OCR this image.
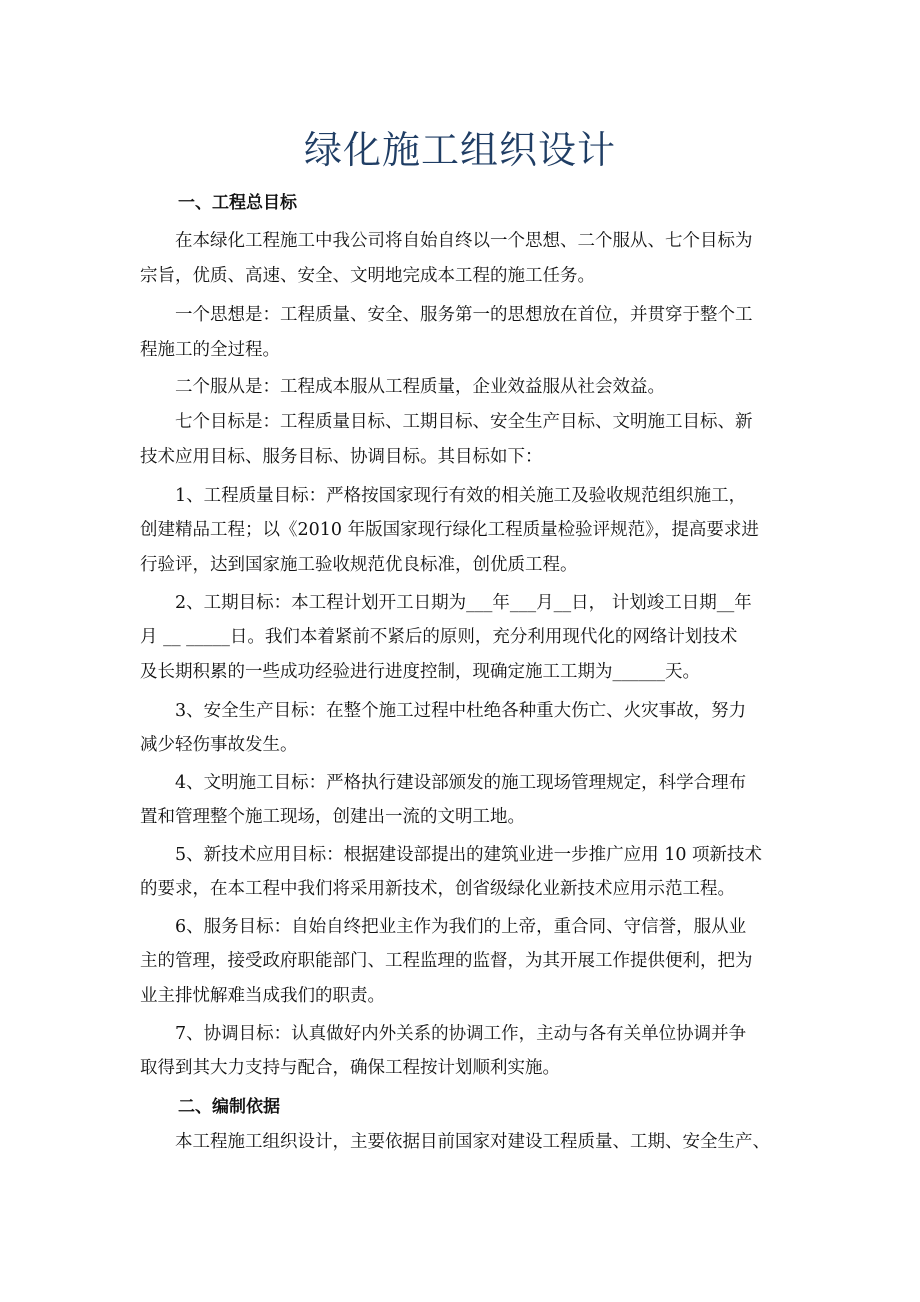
绿化施工组织设计
一、工程总目标
在本绿化工程施工中我公司将自始自终以一个思想、二个服从、七个目标为
宗旨，优质、高速、安全、文明地完成本工程的施工任务。
一个思想是：工程质量、安全、服务第一的思想放在首位，并贯穿于整个工
程施工的全过程。
二个服从是：工程成本服从工程质量，企业效益服从社会效益。
七个目标是：工程质量目标、工期目标、安全生产目标、文明施工目标、新
技术应用目标、服务目标、协调目标。其目标如下：
1、工程质量目标：严格按国家现行有效的相关施工及验收规范组织施工，
创建精品工程；以《2010 年版国家现行绿化工程质量检验评规范》，提高要求进
行验评，达到国家施工验收规范优良标准，创优质工程。
2、工期目标：本工程计划开工日期为___年___月__日， 计划竣工日期__年
月 __ _____日。我们本着紧前不紧后的原则，充分利用现代化的网络计划技术
及长期积累的一些成功经验进行进度控制，现确定施工工期为______天。
3、安全生产目标：在整个施工过程中杜绝各种重大伤亡、火灾事故，努力
减少轻伤事故发生。
4、文明施工目标：严格执行建设部颁发的施工现场管理规定，科学合理布
置和管理整个施工现场，创建出一流的文明工地。
5、新技术应用目标：根据建设部提出的建筑业进一步推广应用 10 项新技术
的要求，在本工程中我们将采用新技术，创省级绿化业新技术应用示范工程。
6、服务目标：自始自终把业主作为我们的上帝，重合同、守信誉，服从业
主的管理，接受政府职能部门、工程监理的监督，为其开展工作提供便利，把为
业主排忧解难当成我们的职责。
7、协调目标：认真做好内外关系的协调工作，主动与各有关单位协调并争
取得到其大力支持与配合，确保工程按计划顺利实施。
二、编制依据
本工程施工组织设计，主要依据目前国家对建设工程质量、工期、安全生产、
